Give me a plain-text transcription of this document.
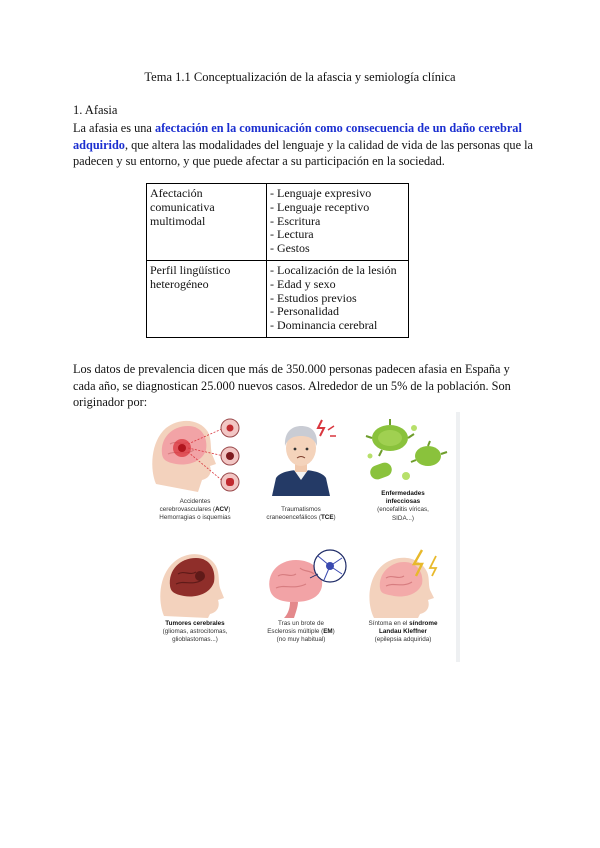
Tema 1.1 Conceptualización de la afascia y semiología clínica
1. Afasia
La afasia es una afectación en la comunicación como consecuencia de un daño cerebral adquirido, que altera las modalidades del lenguaje y la calidad de vida de las personas que la padecen y su entorno, y que puede afectar a su participación en la sociedad.
Afectación comunicativa multimodal	- Lenguaje expresivo
- Lenguaje receptivo
- Escritura
- Lectura
- Gestos

Perfil lingüístico heterogéneo	- Localización de la lesión
- Edad y sexo
- Estudios previos
- Personalidad
- Dominancia cerebral
Los datos de prevalencia dicen que más de 350.000 personas padecen afasia en España y cada año, se diagnostican 25.000 nuevos casos. Alrededor de un 5% de la población. Son originador por:
Accidentes
cerebrovasculares (ACV)
Hemorragias o isquemias
Traumatismos
craneoencefálicos (TCE)
Enfermedades
infecciosas
(encefalitis víricas,
SIDA...)
Tumores cerebrales
(gliomas, astrocitomas,
glioblastomas...)
Tras un brote de
Esclerosis múltiple (EM)
(no muy habitual)
Síntoma en el síndrome
Landau Kleffner
(epilepsia adquirida)
